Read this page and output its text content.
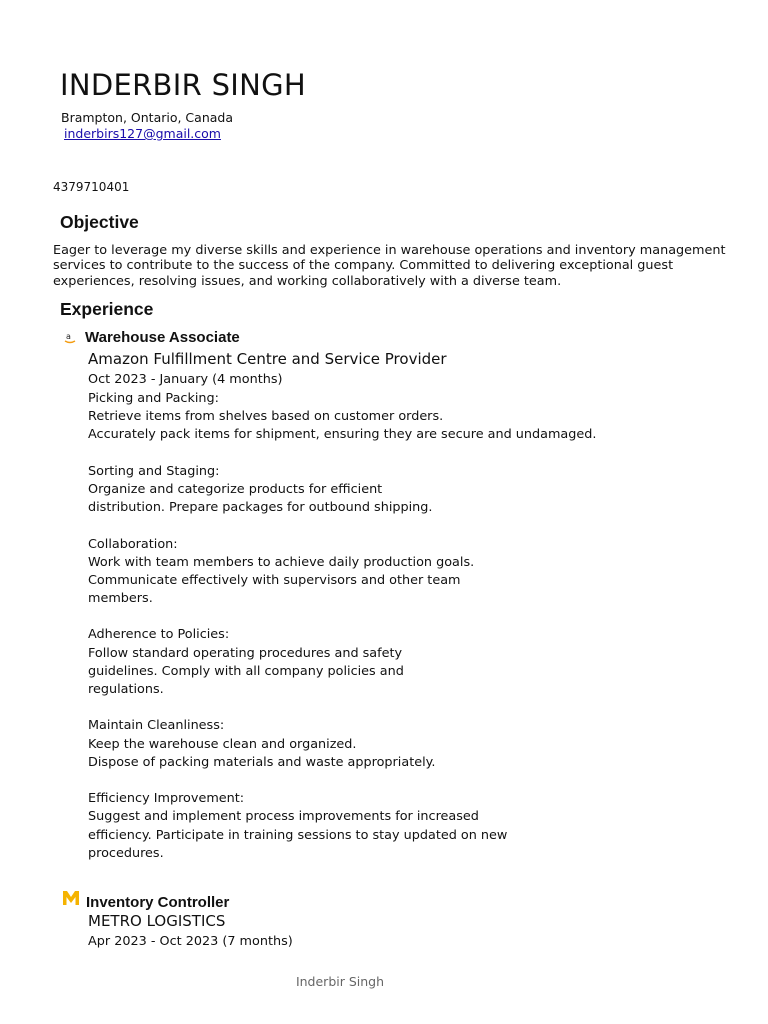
INDERBIR SINGH
Brampton, Ontario, Canada
inderbirs127@gmail.com
4379710401
Objective
Eager to leverage my diverse skills and experience in warehouse operations and inventory management services to contribute to the success of the company. Committed to delivering exceptional guest experiences, resolving issues, and working collaboratively with a diverse team.
Experience
a Warehouse Associate
Amazon Fulfillment Centre and Service Provider
Oct 2023 - January (4 months)
Picking and Packing:
Retrieve items from shelves based on customer orders.
Accurately pack items for shipment, ensuring they are secure and undamaged.
Sorting and Staging:
Organize and categorize products for efficient
distribution. Prepare packages for outbound shipping.
Collaboration:
Work with team members to achieve daily production goals.
Communicate effectively with supervisors and other team
members.
Adherence to Policies:
Follow standard operating procedures and safety
guidelines. Comply with all company policies and
regulations.
Maintain Cleanliness:
Keep the warehouse clean and organized.
Dispose of packing materials and waste appropriately.
Efficiency Improvement:
Suggest and implement process improvements for increased
efficiency. Participate in training sessions to stay updated on new
procedures.
Inventory Controller
METRO LOGISTICS
Apr 2023 - Oct 2023 (7 months)
Inderbir Singh
